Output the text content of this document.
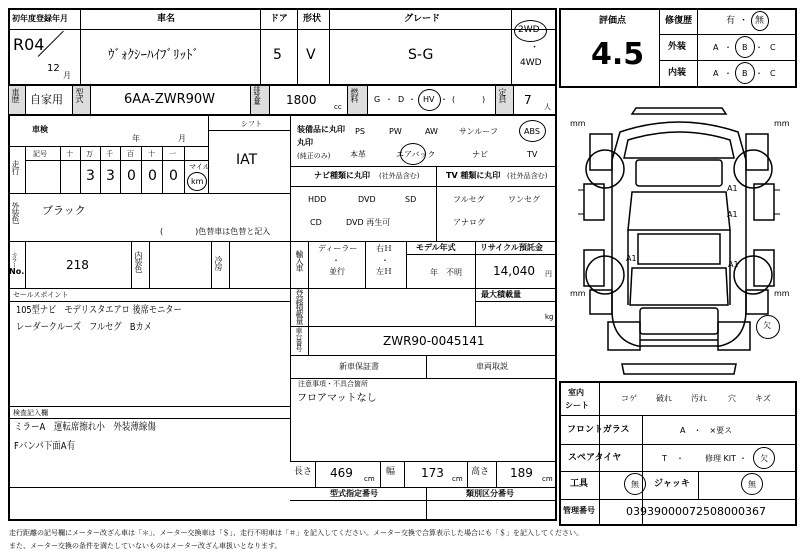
初年度登録年月	車名	ドア 形状	グレード
R04
12
月
ｳﾞｫｸｼｰﾊｲﾌﾞﾘｯﾄﾞ	5 V	S-G
2WD
・
4WD
車歴 自家用 型式	6AA-ZWR90W	排気量 1800 cc
燃料 G ・ D ・ HV ・ (	) 定員 7 人
車検
年	月
シフト
IAT
走行
記号	十 万 千 百 十 一
3 3 0 0 0
マイル
km
外装色 ブラック
(　　　　)色替車は色替と記入
装備品に丸印
丸印
(純正のみ)
PS	PW	AW	サンルーフ	ABS
本革	エアバック	ナビ	TV
ナビ種類に丸印 (社外品含む)
HDD	DVD	SD
CD	DVD 再生可
TV 種類に丸印 (社外品含む)
フルセグ	ワンセグ
アナログ
カラー
No.	218	内装色	冷房	輸入車
ディーラー
・
並行
右Ｈ
・
左Ｈ
モデル年式
年　不明
リサイクル預託金
14,040 円
セールスポイント
105型ナビ　モデリスタエアロ 後席モニター
レーダークルーズ　フルセグ　Bカメ
登録積載量	最大積載量
kg
車台番号	ZWR90-0045141
新車保証書	車両取説
注意事項・不具合箇所
フロアマットなし
検査記入欄
ミラーA　運転席擦れ小　外装薄線傷
Fバンパ下面A有
長さ 469 cm
幅 173 cm
高さ 189 cm
型式指定番号	類別区分番号
走行距離の記号欄にメーター改ざん車は「＊」、メーター交換車は「＄」、走行不明車は「＃」を記入してください。メーター交換で合算表示した場合にも「＄」を記入してください。
また、メーター交換の条件を満たしていないものはメーター改ざん車扱いとなります。
評価点
4.5
修復歴	有 ・ 無
外装	A ・ B ・ C
内装	A ・ B ・ C
mm	mm
mm	mm
A1
A1
A1
A1
欠
室内
シート
コゲ 破れ 汚れ	穴 キズ
フロントガラス	A　・　×要ス
スペアタイヤ	T ・	修理 KIT ・ 欠
工具	無 ジャッキ	無
管理番号	03939000072508000367
